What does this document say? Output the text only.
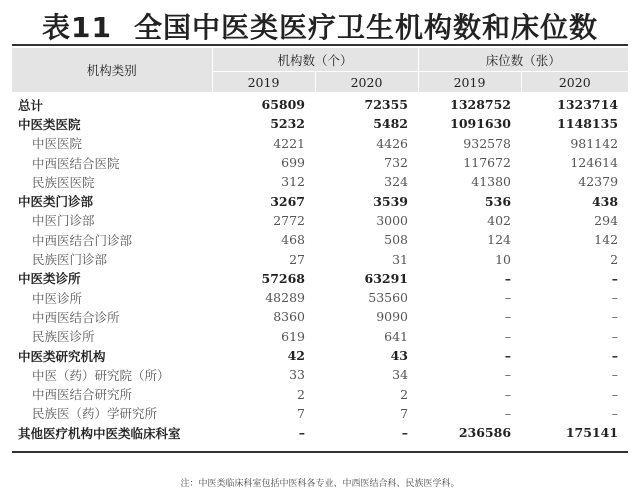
表11 全国中医类医疗卫生机构数和床位数
机构类别	机构数（个）		床位数（张）	
	2019	2020	2019	2020
总计	65809	72355	1328752	1323714
中医类医院	5232	5482	1091630	1148135
中医医院	4221	4426	932578	981142
中西医结合医院	699	732	117672	124614
民族医医院	312	324	41380	42379
中医类门诊部	3267	3539	536	438
中医门诊部	2772	3000	402	294
中西医结合门诊部	468	508	124	142
民族医门诊部	27	31	10	2
中医类诊所	57268	63291	–	–
中医诊所	48289	53560	–	–
中西医结合诊所	8360	9090	–	–
民族医诊所	619	641	–	–
中医类研究机构	42	43	–	–
中医（药）研究院（所）	33	34	–	–
中西医结合研究所	2	2	–	–
民族医（药）学研究所	7	7	–	–
其他医疗机构中医类临床科室	–	–	236586	175141
注：中医类临床科室包括中医科各专业、中西医结合科、民族医学科。
